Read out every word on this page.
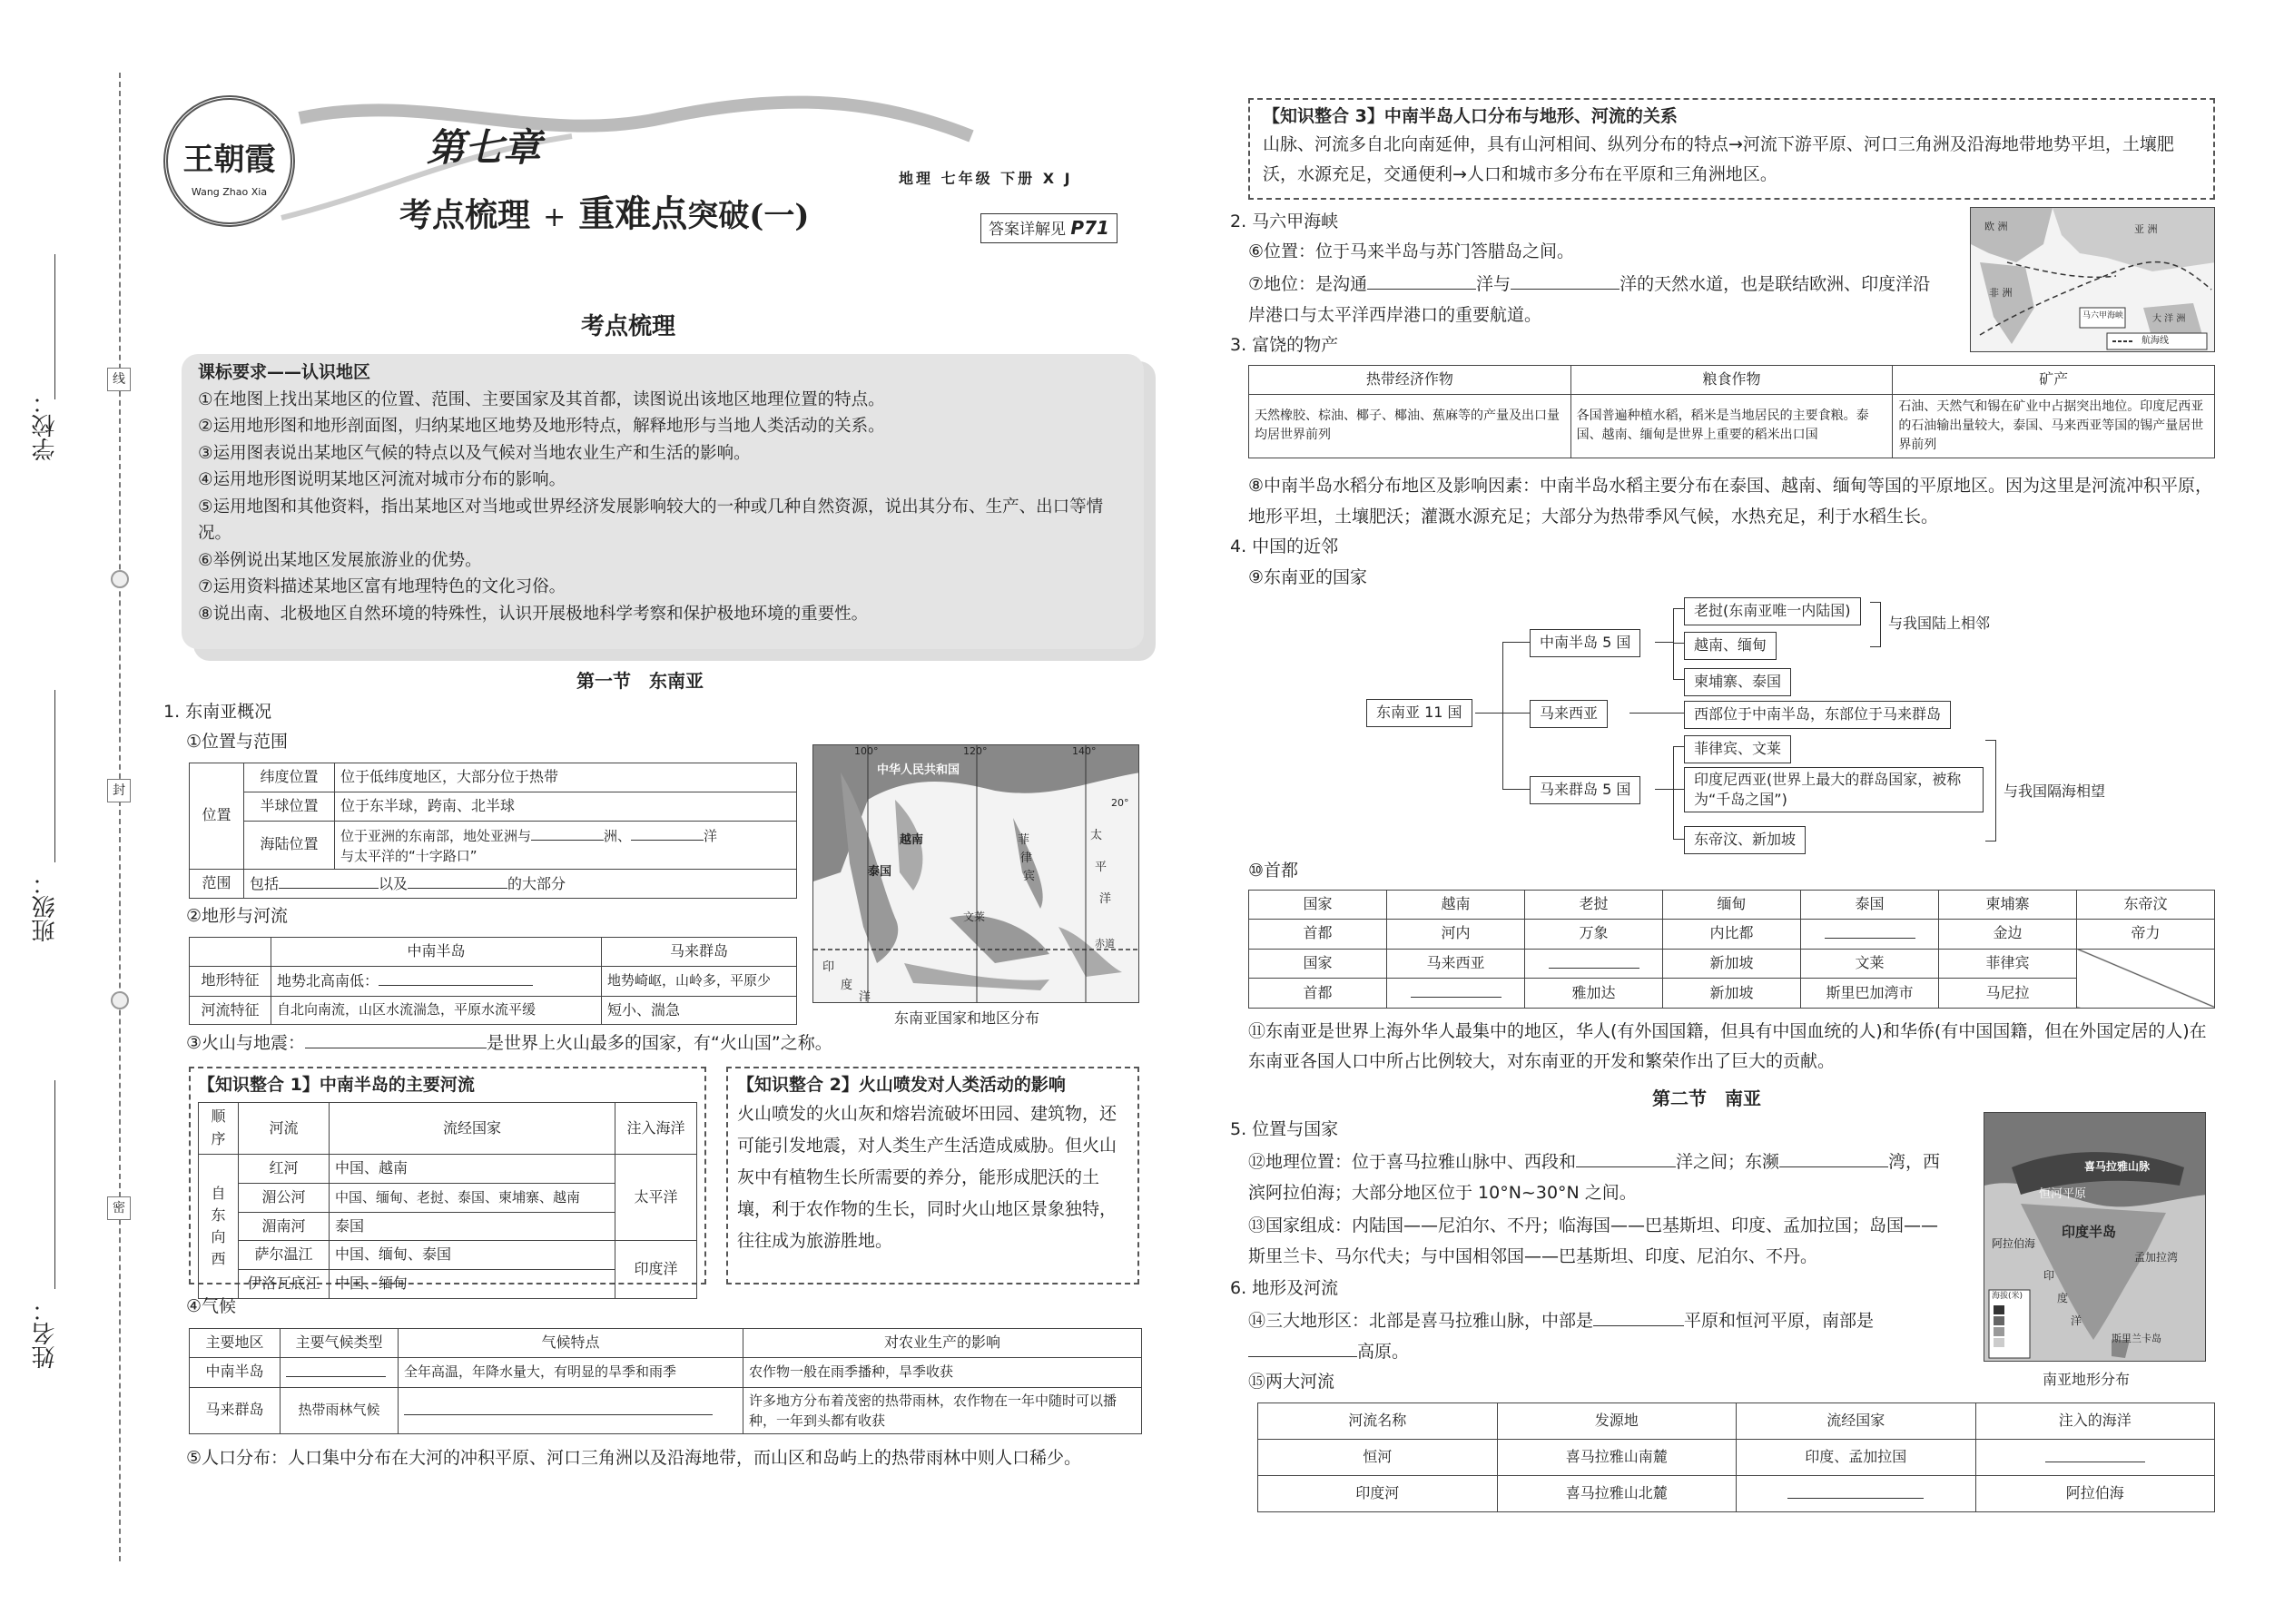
线
封
密
学校：
班级：
姓名：
王朝霞
Wang Zhao Xia
第七章
考点梳理 + 重难点突破(一)
地理 七年级 下册 X J
答案详解见 P71
考点梳理
课标要求——认识地区
①在地图上找出某地区的位置、范围、主要国家及其首都，读图说出该地区地理位置的特点。
②运用地形图和地形剖面图，归纳某地区地势及地形特点，解释地形与当地人类活动的关系。
③运用图表说出某地区气候的特点以及气候对当地农业生产和生活的影响。
④运用地形图说明某地区河流对城市分布的影响。
⑤运用地图和其他资料，指出某地区对当地或世界经济发展影响较大的一种或几种自然资源，说出其分布、生产、出口等情况。
⑥举例说出某地区发展旅游业的优势。
⑦运用资料描述某地区富有地理特色的文化习俗。
⑧说出南、北极地区自然环境的特殊性，认识开展极地科学考察和保护极地环境的重要性。
第一节　东南亚
1. 东南亚概况
①位置与范围
位置	纬度位置	位于低纬度地区，大部分位于热带
	半球位置	位于东半球，跨南、北半球
	海陆位置	位于亚洲的东南部，地处亚洲与 洲、 洋
与太平洋的“十字路口”
范围	包括 以及 的大部分	
100°	120°	140°
中华人民共和国
越南
泰国
菲
律
宾
文莱
太
平
洋
印
度
洋
赤道
20°
东南亚国家和地区分布
②地形与河流
	中南半岛	马来群岛
地形特征	地势北高南低：	地势崎岖，山岭多，平原少
河流特征	自北向南流，山区水流湍急，平原水流平缓	短小、湍急
③火山与地震：	是世界上火山最多的国家，有“火山国”之称。
【知识整合 1】中南半岛的主要河流
顺序	河流	流经国家	注入海洋
自东向西	红河	中国、越南	太平洋
	湄公河	中国、缅甸、老挝、泰国、柬埔寨、越南	
	湄南河	泰国	
	萨尔温江	中国、缅甸、泰国	印度洋
	伊洛瓦底江	中国、缅甸	
【知识整合 2】火山喷发对人类活动的影响
火山喷发的火山灰和熔岩流破坏田园、建筑物，还可能引发地震，对人类生产生活造成威胁。但火山灰中有植物生长所需要的养分，能形成肥沃的土壤，利于农作物的生长，同时火山地区景象独特，往往成为旅游胜地。
④气候
主要地区	主要气候类型	气候特点	对农业生产的影响
中南半岛		全年高温，年降水量大，有明显的旱季和雨季	农作物一般在雨季播种，旱季收获
马来群岛	热带雨林气候		许多地方分布着茂密的热带雨林，农作物在一年中随时可以播种，一年到头都有收获
⑤人口分布：人口集中分布在大河的冲积平原、河口三角洲以及沿海地带，而山区和岛屿上的热带雨林中则人口稀少。
【知识整合 3】中南半岛人口分布与地形、河流的关系
山脉、河流多自北向南延伸，具有山河相间、纵列分布的特点→河流下游平原、河口三角洲及沿海地带地势平坦，土壤肥沃，水源充足，交通便利→人口和城市多分布在平原和三角洲地区。
2. 马六甲海峡
⑥位置：位于马来半岛与苏门答腊岛之间。
⑦地位：是沟通	洋与	洋的天然水道，也是联结欧洲、印度洋沿岸港口与太平洋西岸港口的重要航道。
欧 洲	亚 洲
非 洲
大 洋 洲
马六甲海峡
航海线
3. 富饶的物产
热带经济作物	粮食作物	矿产
天然橡胶、棕油、椰子、椰油、蕉麻等的产量及出口量均居世界前列	各国普遍种植水稻，稻米是当地居民的主要食粮。泰国、越南、缅甸是世界上重要的稻米出口国	石油、天然气和锡在矿业中占据突出地位。印度尼西亚的石油输出量较大，泰国、马来西亚等国的锡产量居世界前列
⑧中南半岛水稻分布地区及影响因素：中南半岛水稻主要分布在泰国、越南、缅甸等国的平原地区。因为这里是河流冲积平原，地形平坦，土壤肥沃；灌溉水源充足；大部分为热带季风气候，水热充足，利于水稻生长。
4. 中国的近邻
⑨东南亚的国家
东南亚 11 国
中南半岛 5 国
马来西亚
马来群岛 5 国
老挝(东南亚唯一内陆国)
越南、缅甸
柬埔寨、泰国
西部位于中南半岛，东部位于马来群岛
菲律宾、文莱
印度尼西亚(世界上最大的群岛国家，被称为“千岛之国”)
东帝汶、新加坡
与我国陆上相邻
与我国隔海相望
⑩首都
国家	越南	老挝	缅甸	泰国	柬埔寨	东帝汶
首都	河内	万象	内比都		金边	帝力
国家	马来西亚		新加坡	文莱	菲律宾	
首都		雅加达	新加坡	斯里巴加湾市	马尼拉	
⑪东南亚是世界上海外华人最集中的地区，华人(有外国国籍，但具有中国血统的人)和华侨(有中国国籍，但在外国定居的人)在东南亚各国人口中所占比例较大，对东南亚的开发和繁荣作出了巨大的贡献。
第二节　南亚
5. 位置与国家
⑫地理位置：位于喜马拉雅山脉中、西段和	洋之间；东濒	湾，西滨阿拉伯海；大部分地区位于 10°N~30°N 之间。
⑬国家组成：内陆国——尼泊尔、不丹；临海国——巴基斯坦、印度、孟加拉国；岛国——斯里兰卡、马尔代夫；与中国相邻国——巴基斯坦、印度、尼泊尔、不丹。
6. 地形及河流
⑭三大地形区：北部是喜马拉雅山脉，中部是	平原和恒河平原，南部是高原。
⑮两大河流
喜马拉雅山脉
恒河平原
印度半岛
孟加拉湾
阿拉伯海
斯里兰卡岛
印
度
洋
海拔(米)
南亚地形分布
河流名称	发源地	流经国家	注入的海洋
恒河	喜马拉雅山南麓	印度、孟加拉国	
印度河	喜马拉雅山北麓		阿拉伯海
